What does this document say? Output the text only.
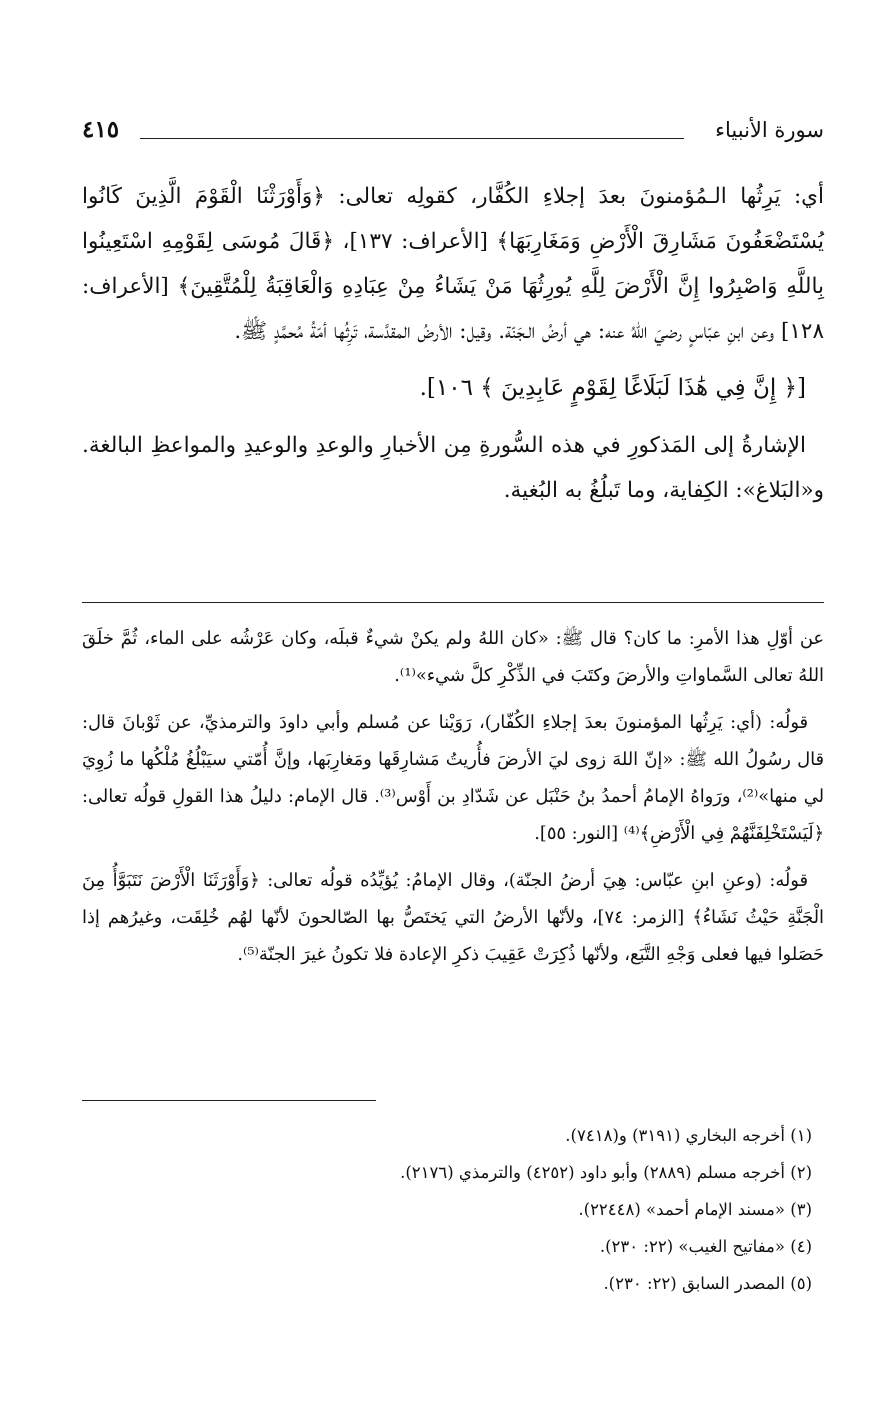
سورة الأنبياء
٤١٥

أي: يَرِثُها الـمُؤمنونَ بعدَ إجلاءِ الكُفَّار، كقولِه تعالى: ﴿وَأَوْرَثْنَا الْقَوْمَ الَّذِينَ كَانُوا يُسْتَضْعَفُونَ مَشَارِقَ الْأَرْضِ وَمَغَارِبَهَا﴾ [الأعراف: ١٣٧]، ﴿قَالَ مُوسَى لِقَوْمِهِ اسْتَعِينُوا بِاللَّهِ وَاصْبِرُوا إِنَّ الْأَرْضَ لِلَّهِ يُورِثُهَا مَنْ يَشَاءُ مِنْ عِبَادِهِ وَالْعَاقِبَةُ لِلْمُتَّقِينَ﴾ [الأعراف: ١٢٨] وعن ابنِ عبّاسٍ رضيَ اللهُ عنه: هي أرضُ الـجَنّة. وقيل: الأرضُ المقدَّسة، تَرِثُها أمّةُ مُحمَّدٍ ﷺ.

[﴿ إِنَّ فِي هَٰذَا لَبَلَاغًا لِقَوْمٍ عَابِدِينَ ﴾ ١٠٦].

الإشارةُ إلى المَذكورِ في هذه السُّورةِ مِن الأخبارِ والوعدِ والوعيدِ والمواعظِ البالغة. و«البَلاغ»: الكِفاية، وما تَبلُغُ به البُغية.

عن أوّلِ هذا الأمرِ: ما كان؟ قال ﷺ: «كان اللهُ ولم يكنْ شيءٌ قبلَه، وكان عَرْشُه على الماء، ثُمَّ خلَقَ اللهُ تعالى السَّماواتِ والأرضَ وكتَبَ في الذِّكْرِ كلَّ شيء»⁽¹⁾.

قولُه: (أي: يَرِثُها المؤمنونَ بعدَ إجلاءِ الكُفّار)، رَوَيْنا عن مُسلم وأبي داودَ والترمذيِّ، عن ثَوْبانَ قال: قال رسُولُ الله ﷺ: «إنّ اللهَ زوى ليَ الأرضَ فأُريتُ مَشارِقَها ومَغارِبَها، وإنَّ أُمّتي سيَبْلُغُ مُلْكُها ما زُوِيَ لي منها»⁽²⁾، ورَواهُ الإمامُ أحمدُ بنُ حَنْبَل عن شَدّادِ بن أَوْس⁽³⁾. قال الإمام: دليلُ هذا القولِ قولُه تعالى: ﴿لَيَسْتَخْلِفَنَّهُمْ فِي الْأَرْضِ﴾⁽⁴⁾ [النور: ٥٥].

قولُه: (وعنِ ابنِ عبّاس: هِيَ أرضُ الجنّة)، وقال الإمامُ: يُؤيِّدُه قولُه تعالى: ﴿وَأَوْرَثَنَا الْأَرْضَ نَتَبَوَّأُ مِنَ الْجَنَّةِ حَيْثُ نَشَاءُ﴾ [الزمر: ٧٤]، ولأنّها الأرضُ التي يَختَصُّ بها الصّالحونَ لأنّها لهُم خُلِقَت، وغيرُهم إذا حَصَلوا فيها فعلى وَجْهِ التَّبَع، ولأنّها ذُكِرَتْ عَقِيبَ ذكرِ الإعادة فلا تكونُ غيرَ الجنّة⁽⁵⁾.

(١) أخرجه البخاري (٣١٩١) و(٧٤١٨).
(٢) أخرجه مسلم (٢٨٨٩) وأبو داود (٤٢٥٢) والترمذي (٢١٧٦).
(٣) «مسند الإمام أحمد» (٢٢٤٤٨).
(٤) «مفاتيح الغيب» (٢٢: ٢٣٠).
(٥) المصدر السابق (٢٢: ٢٣٠).
